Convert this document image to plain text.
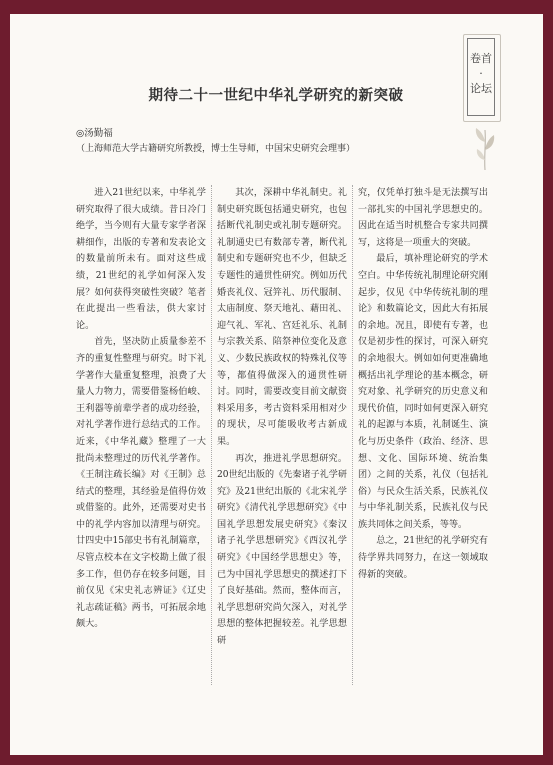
卷首
·
论坛
期待二十一世纪中华礼学研究的新突破
◎汤勤福
（上海师范大学古籍研究所教授，博士生导师，中国宋史研究会理事）

进入21世纪以来，中华礼学研究取得了很大成绩。昔日冷门绝学，当今则有大量专家学者深耕细作，出版的专著和发表论文的数量前所未有。面对这些成绩，21世纪的礼学如何深入发展？如何获得突破性突破？笔者在此提出一些看法，供大家讨论。

首先，坚决防止质量参差不齐的重复性整理与研究。时下礼学著作大量重复整理，浪费了大量人力物力，需要借鉴杨伯峻、王利器等前辈学者的成功经验，对礼学著作进行总结式的工作。近来，《中华礼藏》整理了一大批尚未整理过的历代礼学著作。《王制注疏长编》对《王制》总结式的整理，其经验是值得仿效或借鉴的。此外，还需要对史书中的礼学内容加以清理与研究。廿四史中15部史书有礼制篇章，尽管点校本在文字校勘上做了很多工作，但仍存在较多问题，目前仅见《宋史礼志辨证》《辽史礼志疏证稿》两书，可拓展余地颇大。

其次，深耕中华礼制史。礼制史研究既包括通史研究，也包括断代礼制史或礼制专题研究。礼制通史已有数部专著，断代礼制史和专题研究也不少，但缺乏专题性的通贯性研究。例如历代婚丧礼仪、冠笄礼、历代服制、太庙制度、祭天地礼、藉田礼、迎气礼、军礼、宫廷礼乐、礼制与宗教关系、陪祭神位变化及意义、少数民族政权的特殊礼仪等等，都值得做深入的通贯性研讨。同时，需要改变目前文献资料采用多，考古资料采用相对少的现状，尽可能吸收考古新成果。

再次，推进礼学思想研究。20世纪出版的《先秦诸子礼学研究》及21世纪出版的《北宋礼学研究》《清代礼学思想研究》《中国礼学思想发展史研究》《秦汉诸子礼学思想研究》《西汉礼学研究》《中国经学思想史》等，已为中国礼学思想史的撰述打下了良好基础。然而，整体而言，礼学思想研究尚欠深入，对礼学思想的整体把握较差。礼学思想研

究，仅凭单打独斗是无法撰写出一部扎实的中国礼学思想史的。因此在适当时机整合专家共同撰写，这将是一项重大的突破。

最后，填补理论研究的学术空白。中华传统礼制理论研究刚起步，仅见《中华传统礼制的理论》和数篇论文，因此大有拓展的余地。况且，即使有专著，也仅是初步性的探讨，可深入研究的余地很大。例如如何更准确地概括出礼学理论的基本概念，研究对象、礼学研究的历史意义和现代价值，同时如何更深入研究礼的起源与本质，礼制诞生、演化与历史条件（政治、经济、思想、文化、国际环境、统治集团）之间的关系，礼仪（包括礼俗）与民众生活关系，民族礼仪与中华礼制关系，民族礼仪与民族共同体之间关系，等等。

总之，21世纪的礼学研究有待学界共同努力，在这一领域取得新的突破。
